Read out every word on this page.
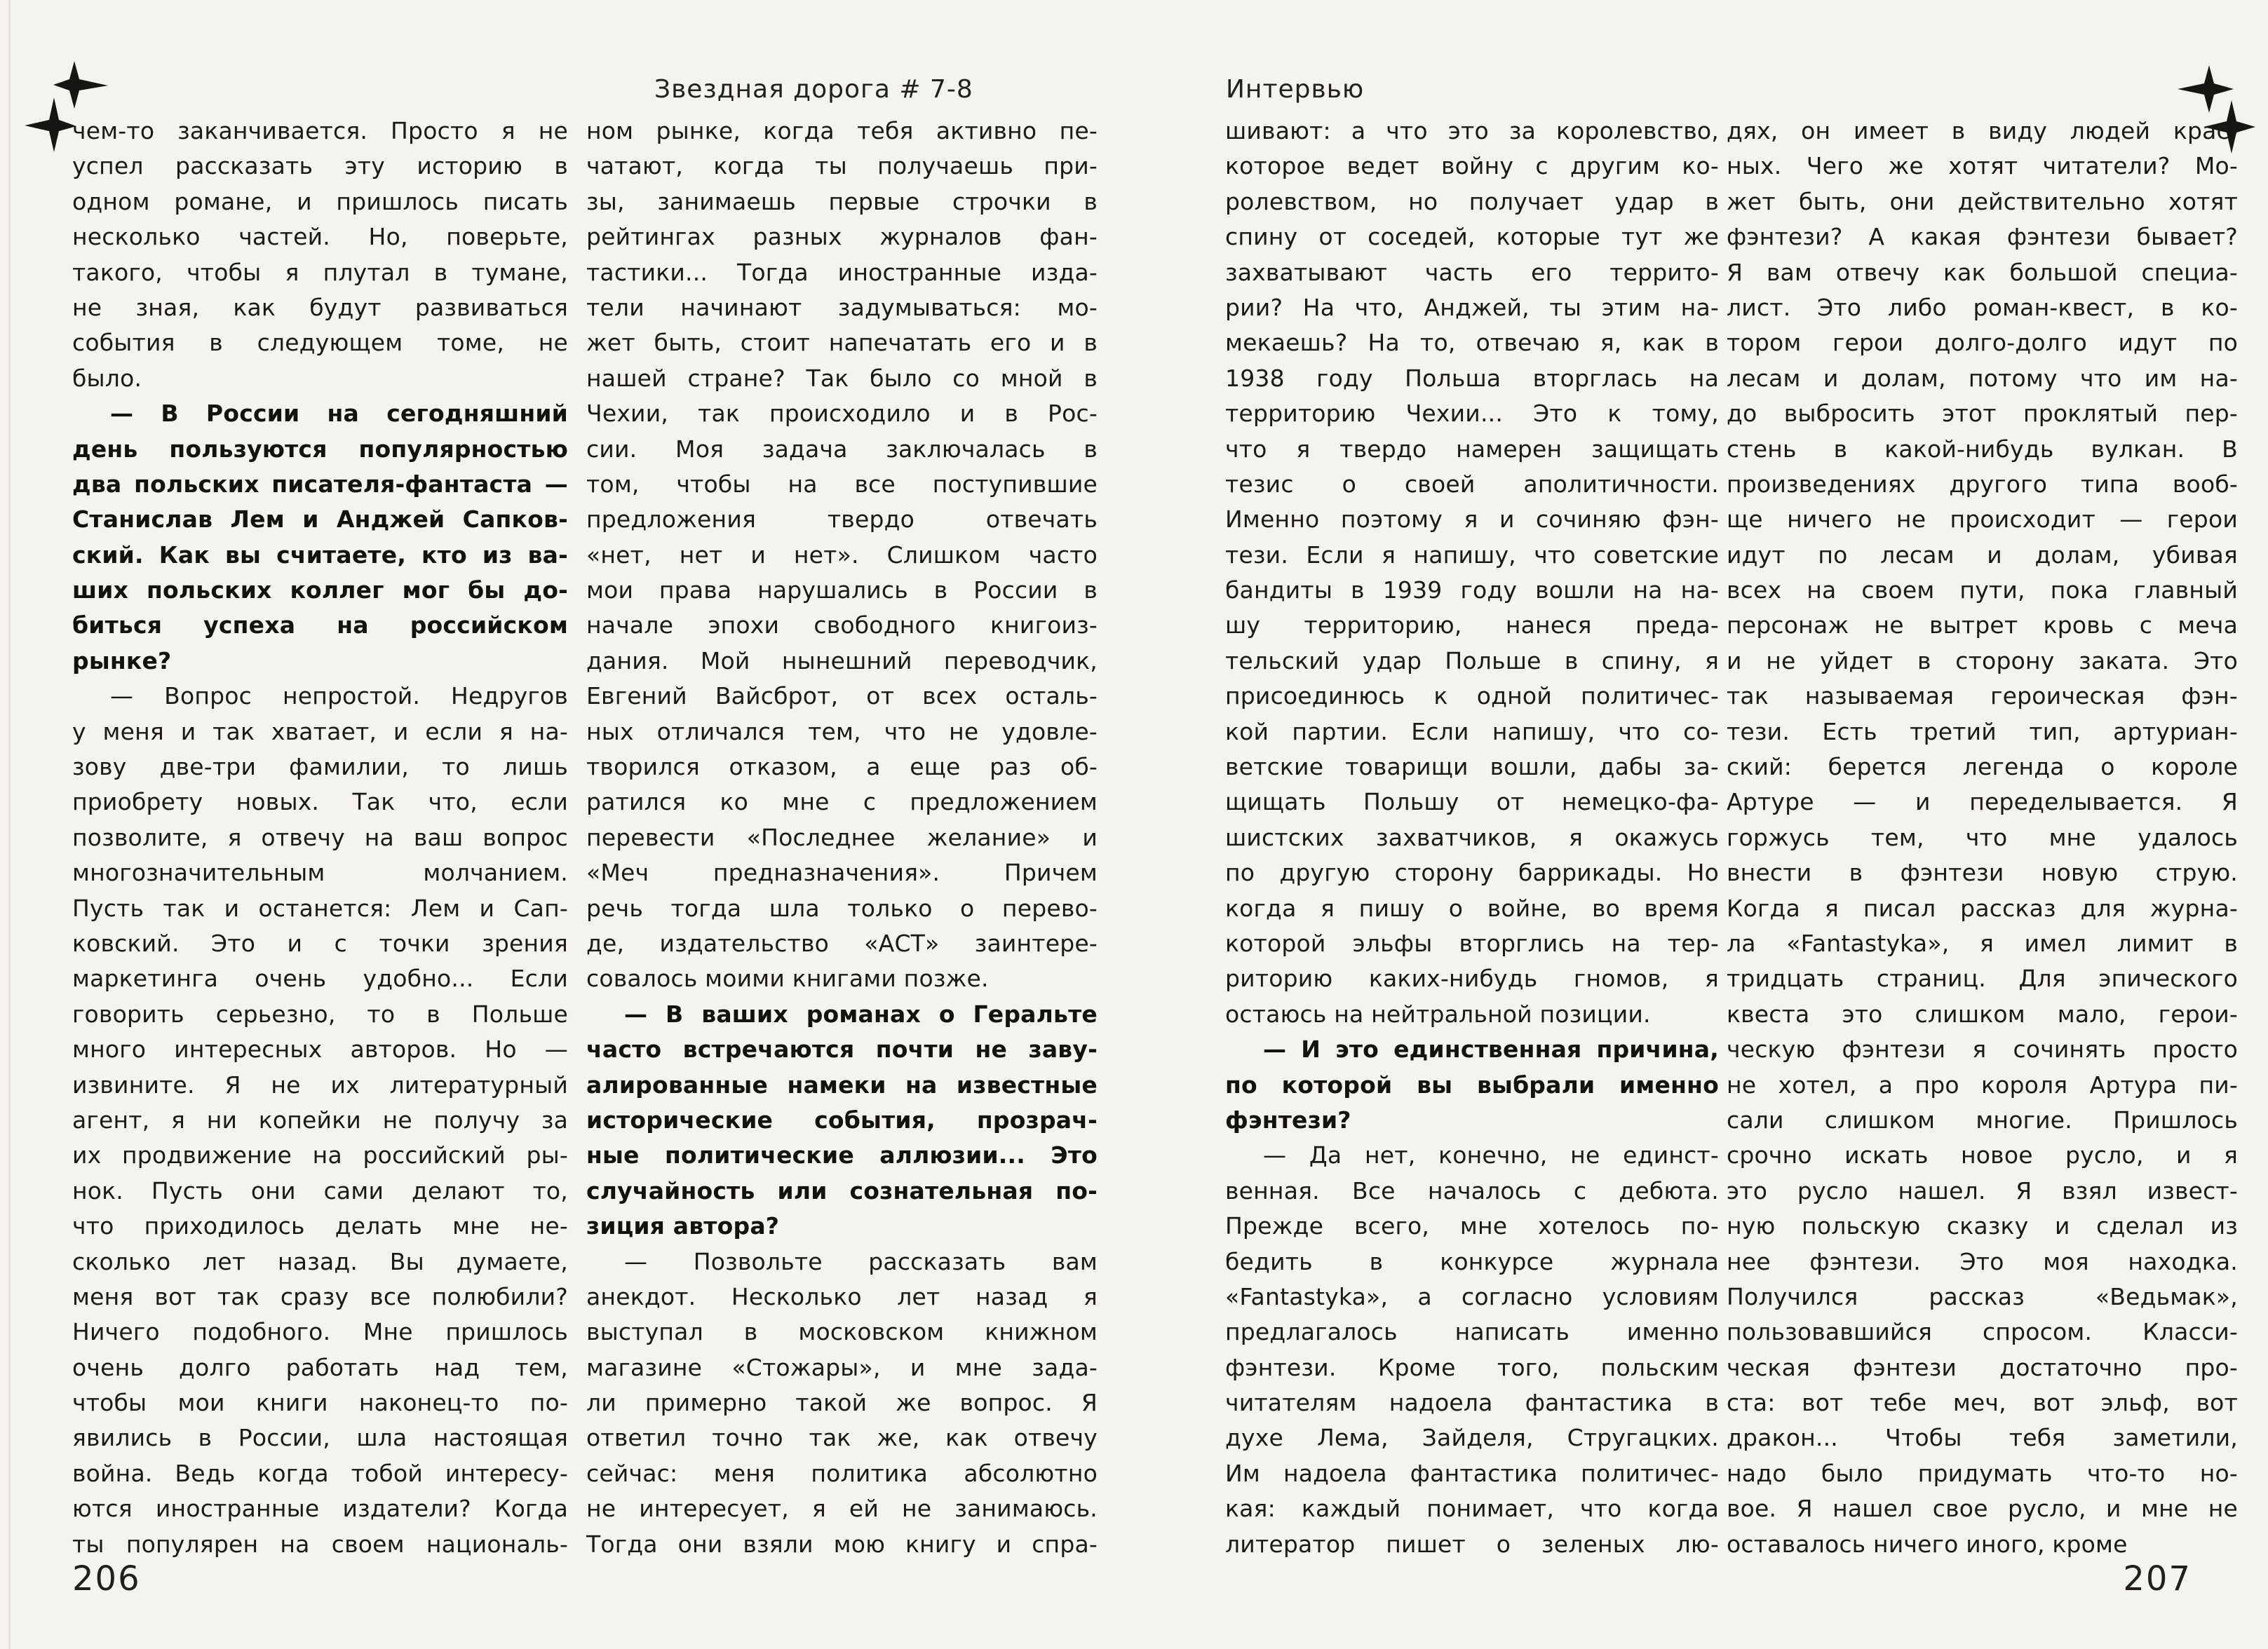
Звездная дорога # 7-8	Интервью
чем-то заканчивается. Просто я не
успел рассказать эту историю в
одном романе, и пришлось писать
несколько частей. Но, поверьте,
такого, чтобы я плутал в тумане,
не зная, как будут развиваться
события в следующем томе, не
было.
— В России на сегодняшний
день пользуются популярностью
два польских писателя-фантаста —
Станислав Лем и Анджей Сапков-
ский. Как вы считаете, кто из ва-
ших польских коллег мог бы до-
биться успеха на российском
рынке?
— Вопрос непростой. Недругов
у меня и так хватает, и если я на-
зову две-три фамилии, то лишь
приобрету новых. Так что, если
позволите, я отвечу на ваш вопрос
многозначительным молчанием.
Пусть так и останется: Лем и Сап-
ковский. Это и с точки зрения
маркетинга очень удобно... Если
говорить серьезно, то в Польше
много интересных авторов. Но —
извините. Я не их литературный
агент, я ни копейки не получу за
их продвижение на российский ры-
нок. Пусть они сами делают то,
что приходилось делать мне не-
сколько лет назад. Вы думаете,
меня вот так сразу все полюбили?
Ничего подобного. Мне пришлось
очень долго работать над тем,
чтобы мои книги наконец-то по-
явились в России, шла настоящая
война. Ведь когда тобой интересу-
ются иностранные издатели? Когда
ты популярен на своем националь-
ном рынке, когда тебя активно пе-
чатают, когда ты получаешь при-
зы, занимаешь первые строчки в
рейтингах разных журналов фан-
тастики... Тогда иностранные изда-
тели начинают задумываться: мо-
жет быть, стоит напечатать его и в
нашей стране? Так было со мной в
Чехии, так происходило и в Рос-
сии. Моя задача заключалась в
том, чтобы на все поступившие
предложения твердо отвечать
«нет, нет и нет». Слишком часто
мои права нарушались в России в
начале эпохи свободного книгоиз-
дания. Мой нынешний переводчик,
Евгений Вайсброт, от всех осталь-
ных отличался тем, что не удовле-
творился отказом, а еще раз об-
ратился ко мне с предложением
перевести «Последнее желание» и
«Меч предназначения». Причем
речь тогда шла только о перево-
де, издательство «АСТ» заинтере-
совалось моими книгами позже.
— В ваших романах о Геральте
часто встречаются почти не заву-
алированные намеки на известные
исторические события, прозрач-
ные политические аллюзии... Это
случайность или сознательная по-
зиция автора?
— Позвольте рассказать вам
анекдот. Несколько лет назад я
выступал в московском книжном
магазине «Стожары», и мне зада-
ли примерно такой же вопрос. Я
ответил точно так же, как отвечу
сейчас: меня политика абсолютно
не интересует, я ей не занимаюсь.
Тогда они взяли мою книгу и спра-
шивают: а что это за королевство,
которое ведет войну с другим ко-
ролевством, но получает удар в
спину от соседей, которые тут же
захватывают часть его террито-
рии? На что, Анджей, ты этим на-
мекаешь? На то, отвечаю я, как в
1938 году Польша вторглась на
территорию Чехии... Это к тому,
что я твердо намерен защищать
тезис о своей аполитичности.
Именно поэтому я и сочиняю фэн-
тези. Если я напишу, что советские
бандиты в 1939 году вошли на на-
шу территорию, нанеся преда-
тельский удар Польше в спину, я
присоединюсь к одной политичес-
кой партии. Если напишу, что со-
ветские товарищи вошли, дабы за-
щищать Польшу от немецко-фа-
шистских захватчиков, я окажусь
по другую сторону баррикады. Но
когда я пишу о войне, во время
которой эльфы вторглись на тер-
риторию каких-нибудь гномов, я
остаюсь на нейтральной позиции.
— И это единственная причина,
по которой вы выбрали именно
фэнтези?
— Да нет, конечно, не единст-
венная. Все началось с дебюта.
Прежде всего, мне хотелось по-
бедить в конкурсе журнала
«Fantastyka», а согласно условиям
предлагалось написать именно
фэнтези. Кроме того, польским
читателям надоела фантастика в
духе Лема, Зайделя, Стругацких.
Им надоела фантастика политичес-
кая: каждый понимает, что когда
литератор пишет о зеленых лю-
дях, он имеет в виду людей крас-
ных. Чего же хотят читатели? Мо-
жет быть, они действительно хотят
фэнтези? А какая фэнтези бывает?
Я вам отвечу как большой специа-
лист. Это либо роман-квест, в ко-
тором герои долго-долго идут по
лесам и долам, потому что им на-
до выбросить этот проклятый пер-
стень в какой-нибудь вулкан. В
произведениях другого типа вооб-
ще ничего не происходит — герои
идут по лесам и долам, убивая
всех на своем пути, пока главный
персонаж не вытрет кровь с меча
и не уйдет в сторону заката. Это
так называемая героическая фэн-
тези. Есть третий тип, артуриан-
ский: берется легенда о короле
Артуре — и переделывается. Я
горжусь тем, что мне удалось
внести в фэнтези новую струю.
Когда я писал рассказ для журна-
ла «Fantastyka», я имел лимит в
тридцать страниц. Для эпического
квеста это слишком мало, герои-
ческую фэнтези я сочинять просто
не хотел, а про короля Артура пи-
сали слишком многие. Пришлось
срочно искать новое русло, и я
это русло нашел. Я взял извест-
ную польскую сказку и сделал из
нее фэнтези. Это моя находка.
Получился рассказ «Ведьмак»,
пользовавшийся спросом. Класси-
ческая фэнтези достаточно про-
ста: вот тебе меч, вот эльф, вот
дракон... Чтобы тебя заметили,
надо было придумать что-то но-
вое. Я нашел свое русло, и мне не
оставалось ничего иного, кроме
206	207
